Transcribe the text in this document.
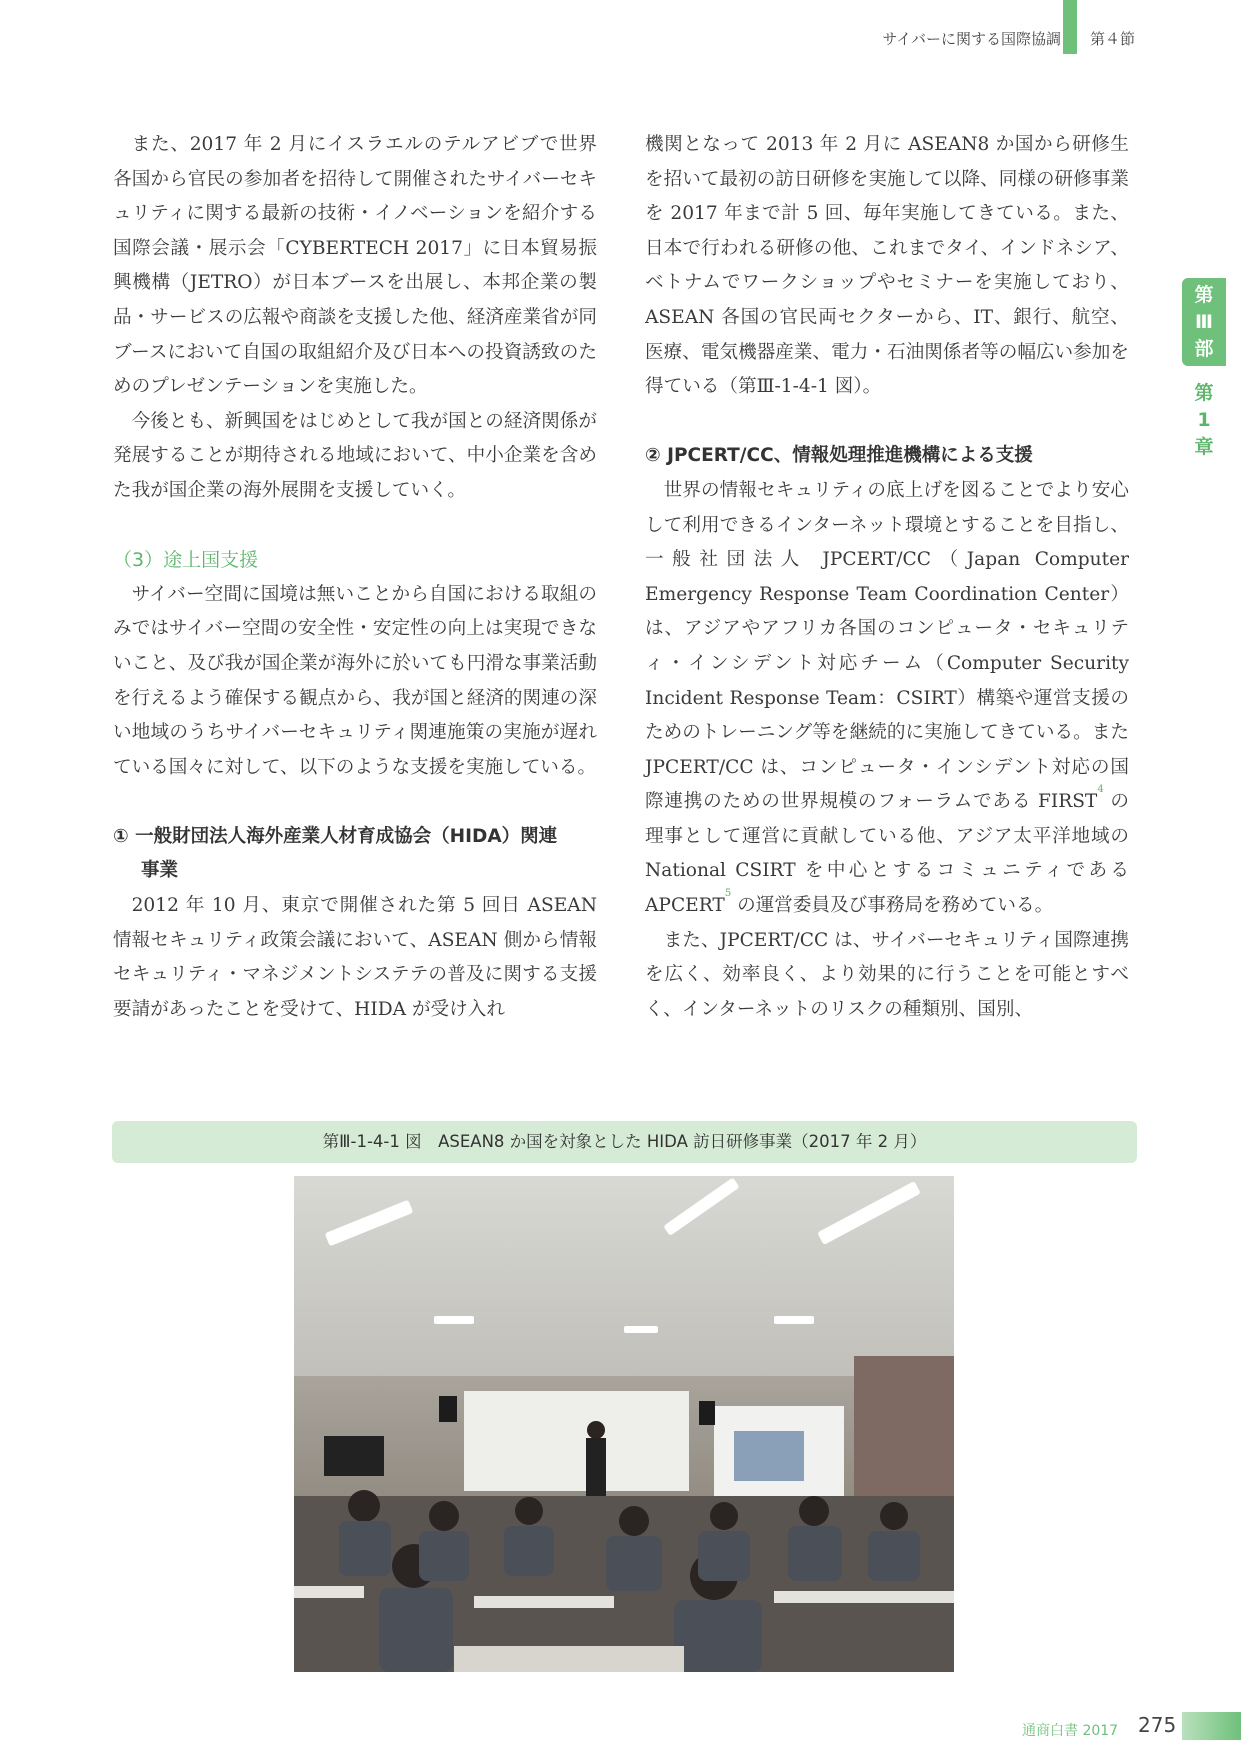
サイバーに関する国際協調 第４節
第
Ⅲ
部
第
1
章

また、2017 年 2 月にイスラエルのテルアビブで世界各国から官民の参加者を招待して開催されたサイバーセキュリティに関する最新の技術・イノベーションを紹介する国際会議・展示会「CYBERTECH 2017」に日本貿易振興機構（JETRO）が日本ブースを出展し、本邦企業の製品・サービスの広報や商談を支援した他、経済産業省が同ブースにおいて自国の取組紹介及び日本への投資誘致のためのプレゼンテーションを実施した。

今後とも、新興国をはじめとして我が国との経済関係が発展することが期待される地域において、中小企業を含めた我が国企業の海外展開を支援していく。

（3）途上国支援

サイバー空間に国境は無いことから自国における取組のみではサイバー空間の安全性・安定性の向上は実現できないこと、及び我が国企業が海外に於いても円滑な事業活動を行えるよう確保する観点から、我が国と経済的関連の深い地域のうちサイバーセキュリティ関連施策の実施が遅れている国々に対して、以下のような支援を実施している。

① 一般財団法人海外産業人材育成協会（HIDA）関連
事業

2012 年 10 月、東京で開催された第 5 回日 ASEAN 情報セキュリティ政策会議において、ASEAN 側から情報セキュリティ・マネジメントシステテの普及に関する支援要請があったことを受けて、HIDA が受け入れ

機関となって 2013 年 2 月に ASEAN8 か国から研修生を招いて最初の訪日研修を実施して以降、同様の研修事業を 2017 年まで計 5 回、毎年実施してきている。また、日本で行われる研修の他、これまでタイ、インドネシア、ベトナムでワークショップやセミナーを実施しており、ASEAN 各国の官民両セクターから、IT、銀行、航空、医療、電気機器産業、電力・石油関係者等の幅広い参加を得ている（第Ⅲ-1-4-1 図）。

② JPCERT/CC、情報処理推進機構による支援

世界の情報セキュリティの底上げを図ることでより安心して利用できるインターネット環境とすることを目指し、一般社団法人 JPCERT/CC（Japan Computer Emergency Response Team Coordination Center）は、アジアやアフリカ各国のコンピュータ・セキュリティ・インシデント対応チーム（Computer Security Incident Response Team：CSIRT）構築や運営支援のためのトレーニング等を継続的に実施してきている。また JPCERT/CC は、コンピュータ・インシデント対応の国際連携のための世界規模のフォーラムである FIRST$^4$ の理事として運営に貢献している他、アジア太平洋地域の National CSIRT を中心とするコミュニティである APCERT$^5$ の運営委員及び事務局を務めている。

また、JPCERT/CC は、サイバーセキュリティ国際連携を広く、効率良く、より効果的に行うことを可能とすべく、インターネットのリスクの種類別、国別、

第Ⅲ-1-4-1 図　ASEAN8 か国を対象とした HIDA 訪日研修事業（2017 年 2 月）
通商白書 2017 275
